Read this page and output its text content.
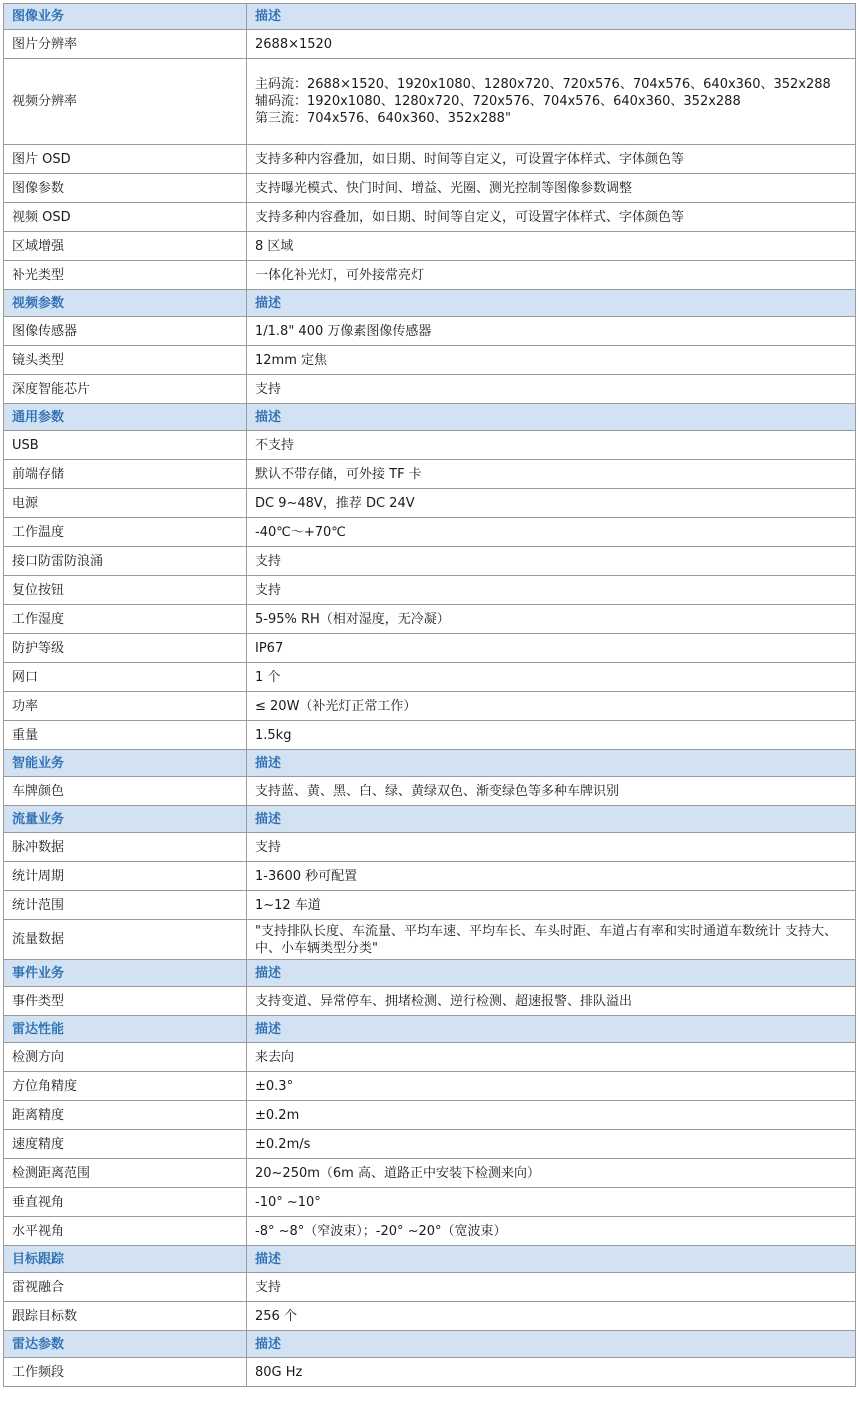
图像业务	描述
图片分辨率	2688×1520
视频分辨率	主码流：2688×1520、1920x1080、1280x720、720x576、704x576、640x360、352x288
辅码流：1920x1080、1280x720、720x576、704x576、640x360、352x288
第三流：704x576、640x360、352x288"
图片 OSD	支持多种内容叠加，如日期、时间等自定义，可设置字体样式、字体颜色等
图像参数	支持曝光模式、快门时间、增益、光圈、测光控制等图像参数调整
视频 OSD	支持多种内容叠加，如日期、时间等自定义，可设置字体样式、字体颜色等
区域增强	8 区域
补光类型	一体化补光灯，可外接常亮灯
视频参数	描述
图像传感器	1/1.8" 400 万像素图像传感器
镜头类型	12mm 定焦
深度智能芯片	支持
通用参数	描述
USB	不支持
前端存储	默认不带存储，可外接 TF 卡
电源	DC 9~48V，推荐 DC 24V
工作温度	-40℃～+70℃
接口防雷防浪涌	支持
复位按钮	支持
工作湿度	5-95% RH（相对湿度，无冷凝）
防护等级	IP67
网口	1 个
功率	≤ 20W（补光灯正常工作）
重量	1.5kg
智能业务	描述
车牌颜色	支持蓝、黄、黑、白、绿、黄绿双色、渐变绿色等多种车牌识别
流量业务	描述
脉冲数据	支持
统计周期	1-3600 秒可配置
统计范围	1~12 车道
流量数据	"支持排队长度、车流量、平均车速、平均车长、车头时距、车道占有率和实时通道车数统计 支持大、中、小车辆类型分类"
事件业务	描述
事件类型	支持变道、异常停车、拥堵检测、逆行检测、超速报警、排队溢出
雷达性能	描述
检测方向	来去向
方位角精度	±0.3°
距离精度	±0.2m
速度精度	±0.2m/s
检测距离范围	20~250m（6m 高、道路正中安装下检测来向）
垂直视角	-10° ~10°
水平视角	-8° ~8°（窄波束）；-20° ~20°（宽波束）
目标跟踪	描述
雷视融合	支持
跟踪目标数	256 个
雷达参数	描述
工作频段	80G Hz
